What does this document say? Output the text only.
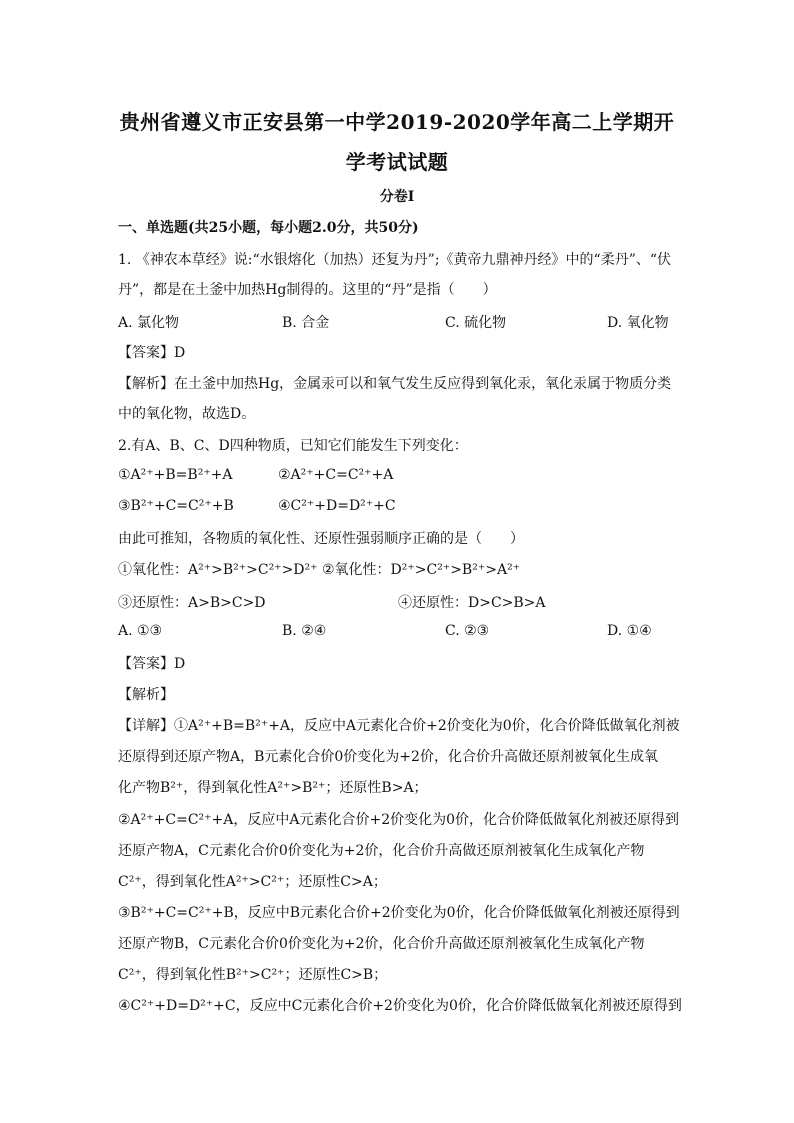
贵州省遵义市正安县第一中学2019-2020学年高二上学期开
学考试试题
分卷I
一、单选题(共25小题，每小题2.0分，共50分)
1. 《神农本草经》说:“水银熔化（加热）还复为丹”;《黄帝九鼎神丹经》中的“柔丹”、“伏
丹”，都是在土釜中加热Hg制得的。这里的“丹”是指（　　）
A. 氯化物	B. 合金	C. 硫化物	D. 氧化物
【答案】D
【解析】在土釜中加热Hg，金属汞可以和氧气发生反应得到氧化汞，氧化汞属于物质分类
中的氧化物，故选D。
2.有A、B、C、D四种物质，已知它们能发生下列变化：
①A²⁺+B=B²⁺+A	②A²⁺+C=C²⁺+A
③B²⁺+C=C²⁺+B	④C²⁺+D=D²⁺+C
由此可推知，各物质的氧化性、还原性强弱顺序正确的是（　　）
①氧化性：A²⁺>B²⁺>C²⁺>D²⁺ ②氧化性：D²⁺>C²⁺>B²⁺>A²⁺
③还原性：A>B>C>D	④还原性：D>C>B>A
A. ①③	B. ②④	C. ②③	D. ①④
【答案】D
【解析】
【详解】①A²⁺+B=B²⁺+A，反应中A元素化合价+2价变化为0价，化合价降低做氧化剂被
还原得到还原产物A，B元素化合价0价变化为+2价，化合价升高做还原剂被氧化生成氧
化产物B²⁺，得到氧化性A²⁺>B²⁺；还原性B>A；
②A²⁺+C=C²⁺+A，反应中A元素化合价+2价变化为0价，化合价降低做氧化剂被还原得到
还原产物A，C元素化合价0价变化为+2价，化合价升高做还原剂被氧化生成氧化产物
C²⁺，得到氧化性A²⁺>C²⁺；还原性C>A；
③B²⁺+C=C²⁺+B，反应中B元素化合价+2价变化为0价，化合价降低做氧化剂被还原得到
还原产物B，C元素化合价0价变化为+2价，化合价升高做还原剂被氧化生成氧化产物
C²⁺，得到氧化性B²⁺>C²⁺；还原性C>B；
④C²⁺+D=D²⁺+C，反应中C元素化合价+2价变化为0价，化合价降低做氧化剂被还原得到
